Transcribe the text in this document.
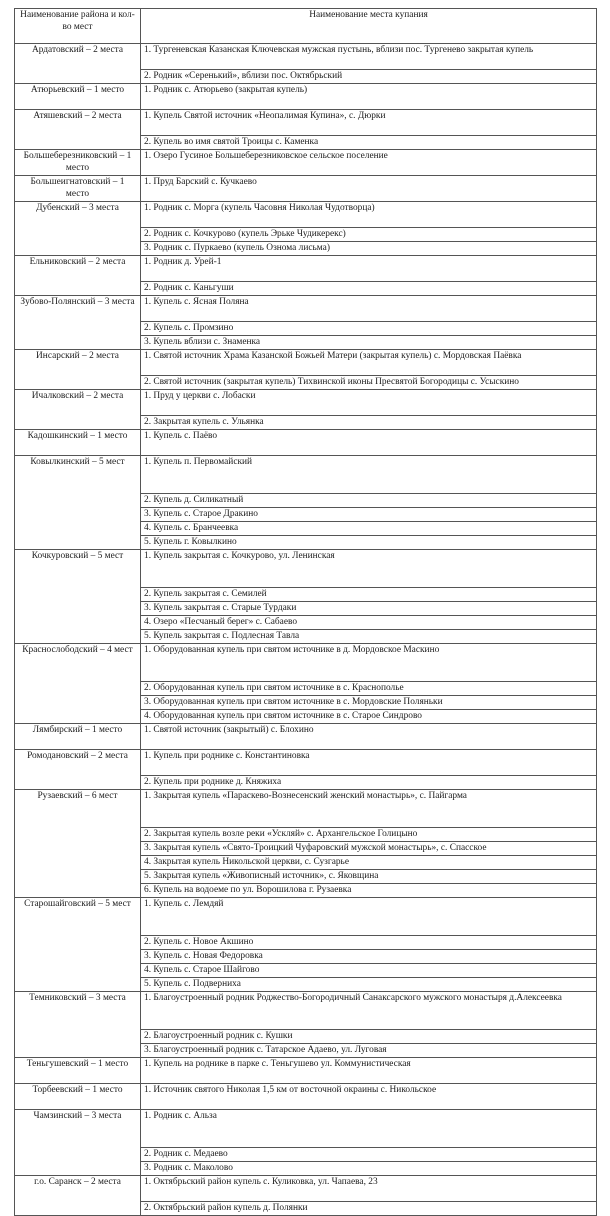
Наименование района и кол-во мест	Наименование места купания
Ардатовский – 2 места	1. Тургеневская Казанская Ключевская мужская пустынь, вблизи пос. Тургенево закрытая купель
	2. Родник «Серенький», вблизи пос. Октябрьский
Атюрьевский – 1 место	1. Родник с. Атюрьево (закрытая купель)
Атяшевский – 2 места	1. Купель Святой источник «Неопалимая Купина», с. Дюрки
	2. Купель во имя святой Троицы с. Каменка
Большеберезниковский – 1 место	1. Озеро Гусиное Большеберезниковское сельское поселение
Большеигнатовский – 1 место	1. Пруд Барский с. Кучкаево
Дубенский – 3 места	1. Родник с. Морга (купель Часовня Николая Чудотворца)
	2. Родник с. Кочкурово (купель Эрьке Чудикерекс)
	3. Родник с. Пуркаево (купель Ознома лисьма)
Ельниковский – 2 места	1. Родник д. Урей-1
	2. Родник с. Каньгуши
Зубово-Полянский – 3 места	1. Купель с. Ясная Поляна
	2. Купель с. Промзино
	3. Купель вблизи с. Знаменка
Инсарский – 2 места	1. Святой источник Храма Казанской Божьей Матери (закрытая купель) с. Мордовская Паёвка
	2. Святой источник (закрытая купель) Тихвинской иконы Пресвятой Богородицы с. Усыскино
Ичалковский – 2 места	1. Пруд у церкви с. Лобаски
	2. Закрытая купель с. Ульянка
Кадошкинский – 1 место	1. Купель с. Паёво
Ковылкинский – 5 мест	1. Купель п. Первомайский
	2. Купель д. Силикатный
	3. Купель с. Старое Дракино
	4. Купель с. Бранчеевка
	5. Купель г. Ковылкино
Кочкуровский – 5 мест	1. Купель закрытая с. Кочкурово, ул. Ленинская
	2. Купель закрытая с. Семилей
	3. Купель закрытая с. Старые Турдаки
	4. Озеро «Песчаный берег» с. Сабаево
	5. Купель закрытая с. Подлесная Тавла
Краснослободский – 4 мест	1. Оборудованная купель при святом источнике в д. Мордовское Маскино
	2. Оборудованная купель при святом источнике в с. Краснополье
	3. Оборудованная купель при святом источнике в с. Мордовские Поляньки
	4. Оборудованная купель при святом источнике в с. Старое Синдрово
Лямбирский – 1 место	1. Святой источник (закрытый) с. Блохино
Ромодановский – 2 места	1. Купель при роднике с. Константиновка
	2. Купель при роднике д. Княжиха
Рузаевский – 6 мест	1. Закрытая купель «Параскево-Вознесенский женский монастырь», с. Пайгарма
	2. Закрытая купель возле реки «Ускляй» с. Архангельское Голицыно
	3. Закрытая купель «Свято-Троицкий Чуфаровский мужской монастырь», с. Спасское
	4. Закрытая купель Никольской церкви, с. Сузгарье
	5. Закрытая купель «Живописный источник», с. Яковщина
	6. Купель на водоеме по ул. Ворошилова г. Рузаевка
Старошайговский – 5 мест	1. Купель с. Лемдяй
	2. Купель с. Новое Акшино
	3. Купель с. Новая Федоровка
	4. Купель с. Старое Шайгово
	5. Купель с. Подверниха
Темниковский – 3 места	1. Благоустроенный родник Роджество-Богородичный Санаксарского мужского монастыря д.Алексеевка
	2. Благоустроенный родник с. Кушки
	3. Благоустроенный родник с. Татарское Адаево, ул. Луговая
Теньгушевский – 1 место	1. Купель на роднике в парке с. Теньгушево ул. Коммунистическая
Торбеевский – 1 место	1. Источник святого Николая 1,5 км от восточной окраины с. Никольское
Чамзинский – 3 места	1. Родник с. Альза
	2. Родник с. Медаево
	3. Родник с. Маколово
г.о. Саранск – 2 места	1. Октябрьский район купель с. Куликовка, ул. Чапаева, 23
	2. Октябрьский район купель д. Полянки
